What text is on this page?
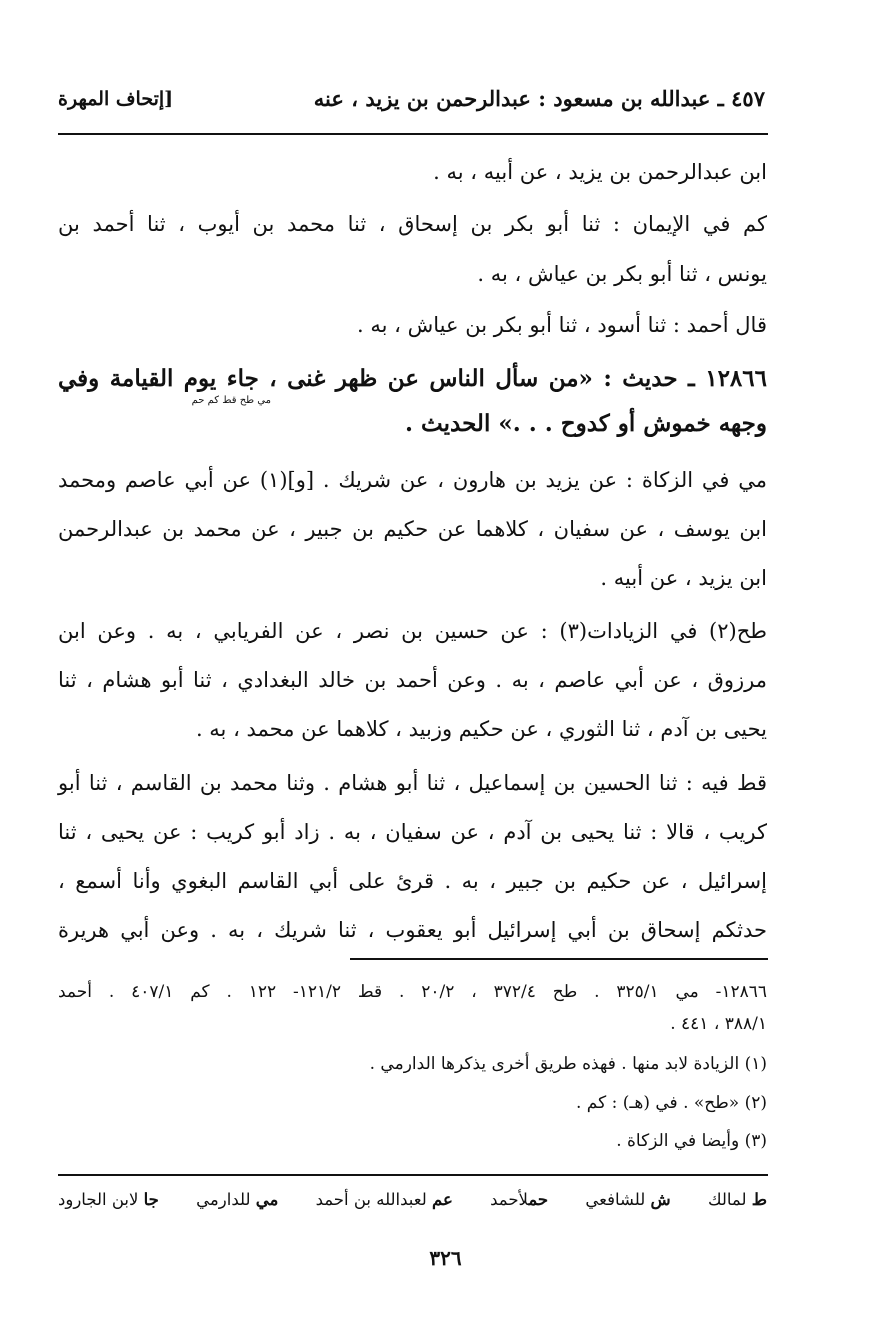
٤٥٧ ـ عبدالله بن مسعود : عبدالرحمن بن يزيد ، عنه
[إتحاف المهرة
ابن عبدالرحمن بن يزيد ، عن أبيه ، به .
كم في الإيمان : ثنا أبو بكر بن إسحاق ، ثنا محمد بن أيوب ، ثنا أحمد بن
يونس ، ثنا أبو بكر بن عياش ، به .
قال أحمد : ثنا أسود ، ثنا أبو بكر بن عياش ، به .
١٢٨٦٦ ـ حديث : «من سأل الناس عن ظهر غنى ، جاء يوم القيامة وفي
مي طح قط كم حم
وجهه خموش أو كدوح . . .» الحديث .
مي في الزكاة : عن يزيد بن هارون ، عن شريك . [و](١) عن أبي عاصم ومحمد
ابن يوسف ، عن سفيان ، كلاهما عن حكيم بن جبير ، عن محمد بن عبدالرحمن
ابن يزيد ، عن أبيه .
طح(٢) في الزيادات(٣) : عن حسين بن نصر ، عن الفريابي ، به . وعن ابن
مرزوق ، عن أبي عاصم ، به . وعن أحمد بن خالد البغدادي ، ثنا أبو هشام ، ثنا
يحيى بن آدم ، ثنا الثوري ، عن حكيم وزبيد ، كلاهما عن محمد ، به .
قط فيه : ثنا الحسين بن إسماعيل ، ثنا أبو هشام . وثنا محمد بن القاسم ، ثنا أبو
كريب ، قالا : ثنا يحيى بن آدم ، عن سفيان ، به . زاد أبو كريب : عن يحيى ، ثنا
إسرائيل ، عن حكيم بن جبير ، به . قرئ على أبي القاسم البغوي وأنا أسمع ،
حدثكم إسحاق بن أبي إسرائيل أبو يعقوب ، ثنا شريك ، به . وعن أبي هريرة
١٢٨٦٦- مي ٣٢٥/١ . طح ٣٧٢/٤ ، ٢٠/٢ . قط ١٢١/٢- ١٢٢ . كم ٤٠٧/١ . أحمد
٣٨٨/١ ، ٤٤١ .
(١) الزيادة لابد منها . فهذه طريق أخرى يذكرها الدارمي .
(٢) «طح» . في (هـ) : كم .
(٣) وأيضا في الزكاة .
ط لمالك
ش للشافعي
حملأحمد
عم لعبدالله بن أحمد
مي للدارمي
جا لابن الجارود
٣٢٦
